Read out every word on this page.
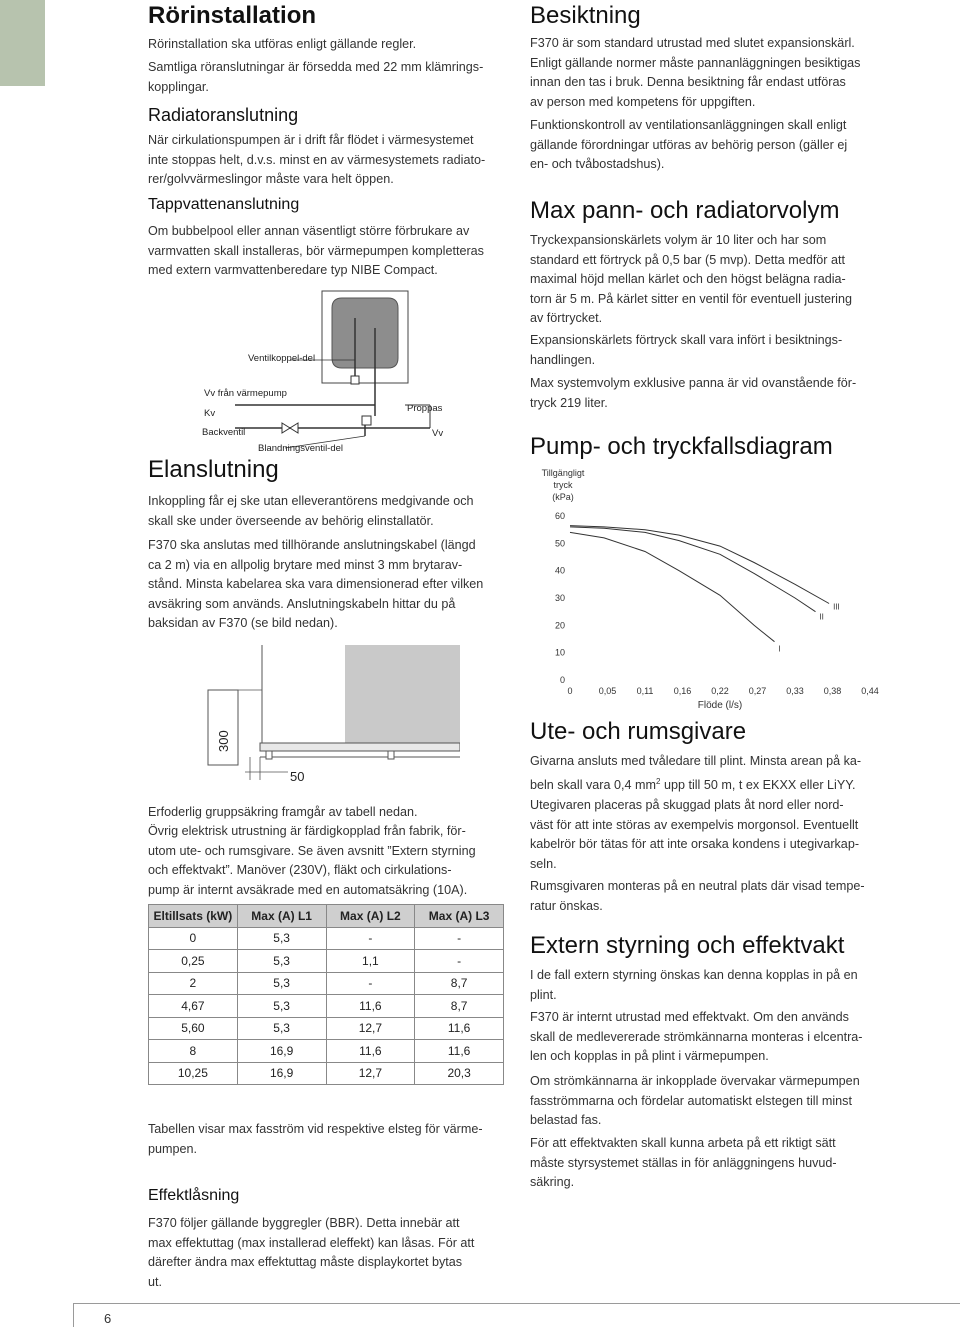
Rörinstallation
Rörinstallation ska utföras enligt gällande regler.
Samtliga röranslutningar är försedda med 22 mm klämrings-
kopplingar.
Radiatoranslutning
När cirkulationspumpen är i drift får flödet i värmesystemet
inte stoppas helt, d.v.s. minst en av värmesystemets radiato-
rer/golvvärmeslingor måste vara helt öppen.
Tappvattenanslutning
Om bubbelpool eller annan väsentligt större förbrukare av
varmvatten skall installeras, bör värmepumpen kompletteras
med extern varmvattenberedare typ NIBE Compact.
Ventilkoppel-del
Vv från värmepump
Kv
Backventil
Blandningsventil-del
Proppas
Vv
Elanslutning
Inkoppling får ej ske utan elleverantörens medgivande och
skall ske under överseende av behörig elinstallatör.
F370 ska anslutas med tillhörande anslutningskabel (längd
ca 2 m) via en allpolig brytare med minst 3 mm brytarav-
stånd. Minsta kabelarea ska vara dimensionerad efter vilken
avsäkring som används. Anslutningskabeln hittar du på
baksidan av F370 (se bild nedan).
300
50
Erfoderlig gruppsäkring framgår av tabell nedan.
Övrig elektrisk utrustning är färdigkopplad från fabrik, för-
utom ute- och rumsgivare. Se även avsnitt ”Extern styrning
och effektvakt”. Manöver (230V), fläkt och cirkulations-
pump är internt avsäkrade med en automatsäkring (10A).
Eltillsats (kW)	Max (A) L1	Max (A) L2	Max (A) L3
0	5,3	-	-
0,25	5,3	1,1	-
2	5,3	-	8,7
4,67	5,3	11,6	8,7
5,60	5,3	12,7	11,6
8	16,9	11,6	11,6
10,25	16,9	12,7	20,3
Tabellen visar max fasström vid respektive elsteg för värme-
pumpen.
Effektlåsning
F370 följer gällande byggregler (BBR). Detta innebär att
max effektuttag (max installerad eleffekt) kan låsas. För att
därefter ändra max effektuttag måste displaykortet bytas
ut.
Besiktning
F370 är som standard utrustad med slutet expansionskärl.
Enligt gällande normer måste pannanläggningen besiktigas
innan den tas i bruk. Denna besiktning får endast utföras
av person med kompetens för uppgiften.
Funktionskontroll av ventilationsanläggningen skall enligt
gällande förordningar utföras av behörig person (gäller ej
en- och tvåbostadshus).
Max pann- och radiatorvolym
Tryckexpansionskärlets volym är 10 liter och har som
standard ett förtryck på 0,5 bar (5 mvp). Detta medför att
maximal höjd mellan kärlet och den högst belägna radia-
torn är 5 m. På kärlet sitter en ventil för eventuell justering
av förtrycket.
Expansionskärlets förtryck skall vara infört i besiktnings-
handlingen.
Max systemvolym exklusive panna är vid ovanstående för-
tryck 219 liter.
Pump- och tryckfallsdiagram
Tillgängligt
tryck
(kPa)
0
10
20
30
40
50
60
0	0,05 0,11 0,16 0,22 0,27 0,33 0,38 0,44
I
II
III
Flöde (l/s)
Ute- och rumsgivare
Givarna ansluts med tvåledare till plint. Minsta arean på ka-
beln skall vara 0,4 $mm^2$ upp till 50 m, t ex EKXX eller LiYY.
Utegivaren placeras på skuggad plats åt nord eller nord-
väst för att inte störas av exempelvis morgonsol. Eventuellt
kabelrör bör tätas för att inte orsaka kondens i utegivarkap-
seln.
Rumsgivaren monteras på en neutral plats där visad tempe-
ratur önskas.
Extern styrning och effektvakt
I de fall extern styrning önskas kan denna kopplas in på en
plint.
F370 är internt utrustad med effektvakt. Om den används
skall de medlevererade strömkännarna monteras i elcentra-
len och kopplas in på plint i värmepumpen.
Om strömkännarna är inkopplade övervakar värmepumpen
fasströmmarna och fördelar automatiskt elstegen till minst
belastad fas.
För att effektvakten skall kunna arbeta på ett riktigt sätt
måste styrsystemet ställas in för anläggningens huvud-
säkring.
6
